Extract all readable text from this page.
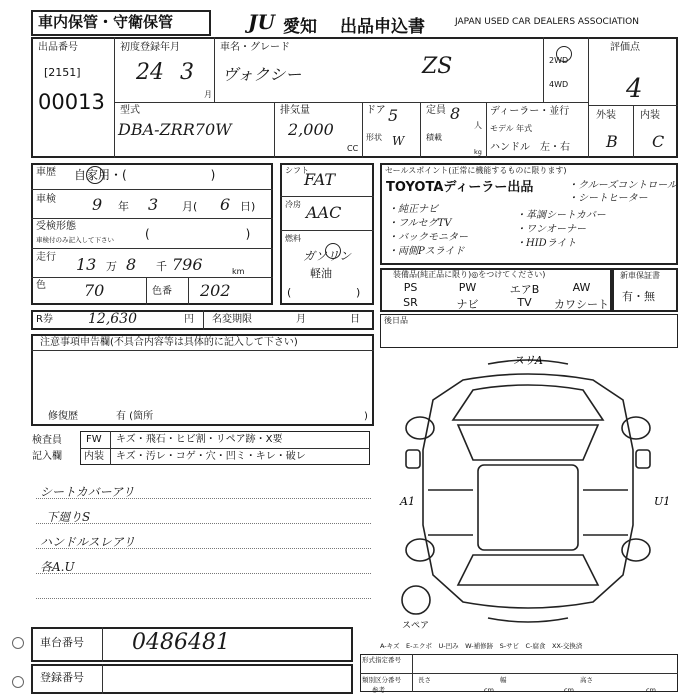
車内保管・守衛保管	JU 愛知 出品申込書	JAPAN USED CAR DEALERS ASSOCIATION
出品番号
[2151]
00013
初度登録年月
24 3
月
車名・グレード
ヴォクシー	ZS	2WD
4WD
評価点
4
外装 内装
B C
型式
DBA-ZRR70W
排気量
2,000
CC
ドア 5
形状 W
定員 8
人
積載
kg
ディーラー・並行
モデル 年式
ハンドル　左・右
車歴 自家用・(　　　　　　　)
車検 9 年 3 月( 6 日)
受検形態
車検付のみ記入して下さい	(　　　　　　　　)
走行 13 万 8 千 796	km
色 70	色番 202
シフト
FAT
冷房 AAC
燃料
ガソリン
軽油
(	)
セールスポイント(正常に機能するものに限ります)
TOYOTAディーラー出品
・純正ナビ
・フルセグTV
・バックモニター
・両側Pスライド
・クルーズコントロール
・シートヒーター
・革調シートカバー
・ワンオーナー
・HIDライト
装備品(純正品に限り)◎をつけてください)
PS	PW	エアB	AW
SR	ナビ	TV	カワシート
新車保証書
有・無
R券	12,630	円 名変期限	月	日	後日品
注意事項申告欄(不具合内容等は具体的に記入して下さい)
修復歴	有 (箇所	)
検査員
記入欄
FW キズ・飛石・ヒビ割・リペア跡・X要
内装 キズ・汚レ・コゲ・穴・凹ミ・キレ・破レ
シートカバーアリ
下廻りS
ハンドルスレアリ
各A.U
スリA
A1	U1
スペア
A-キズ　E-エクボ　U-凹み　W-補修跡　S-サビ　C-腐食　XX-交換済
形式指定番号
類別区分番号	長さ	幅	高さ
参考	cm	cm	cm
車台番号 0486481
登録番号
